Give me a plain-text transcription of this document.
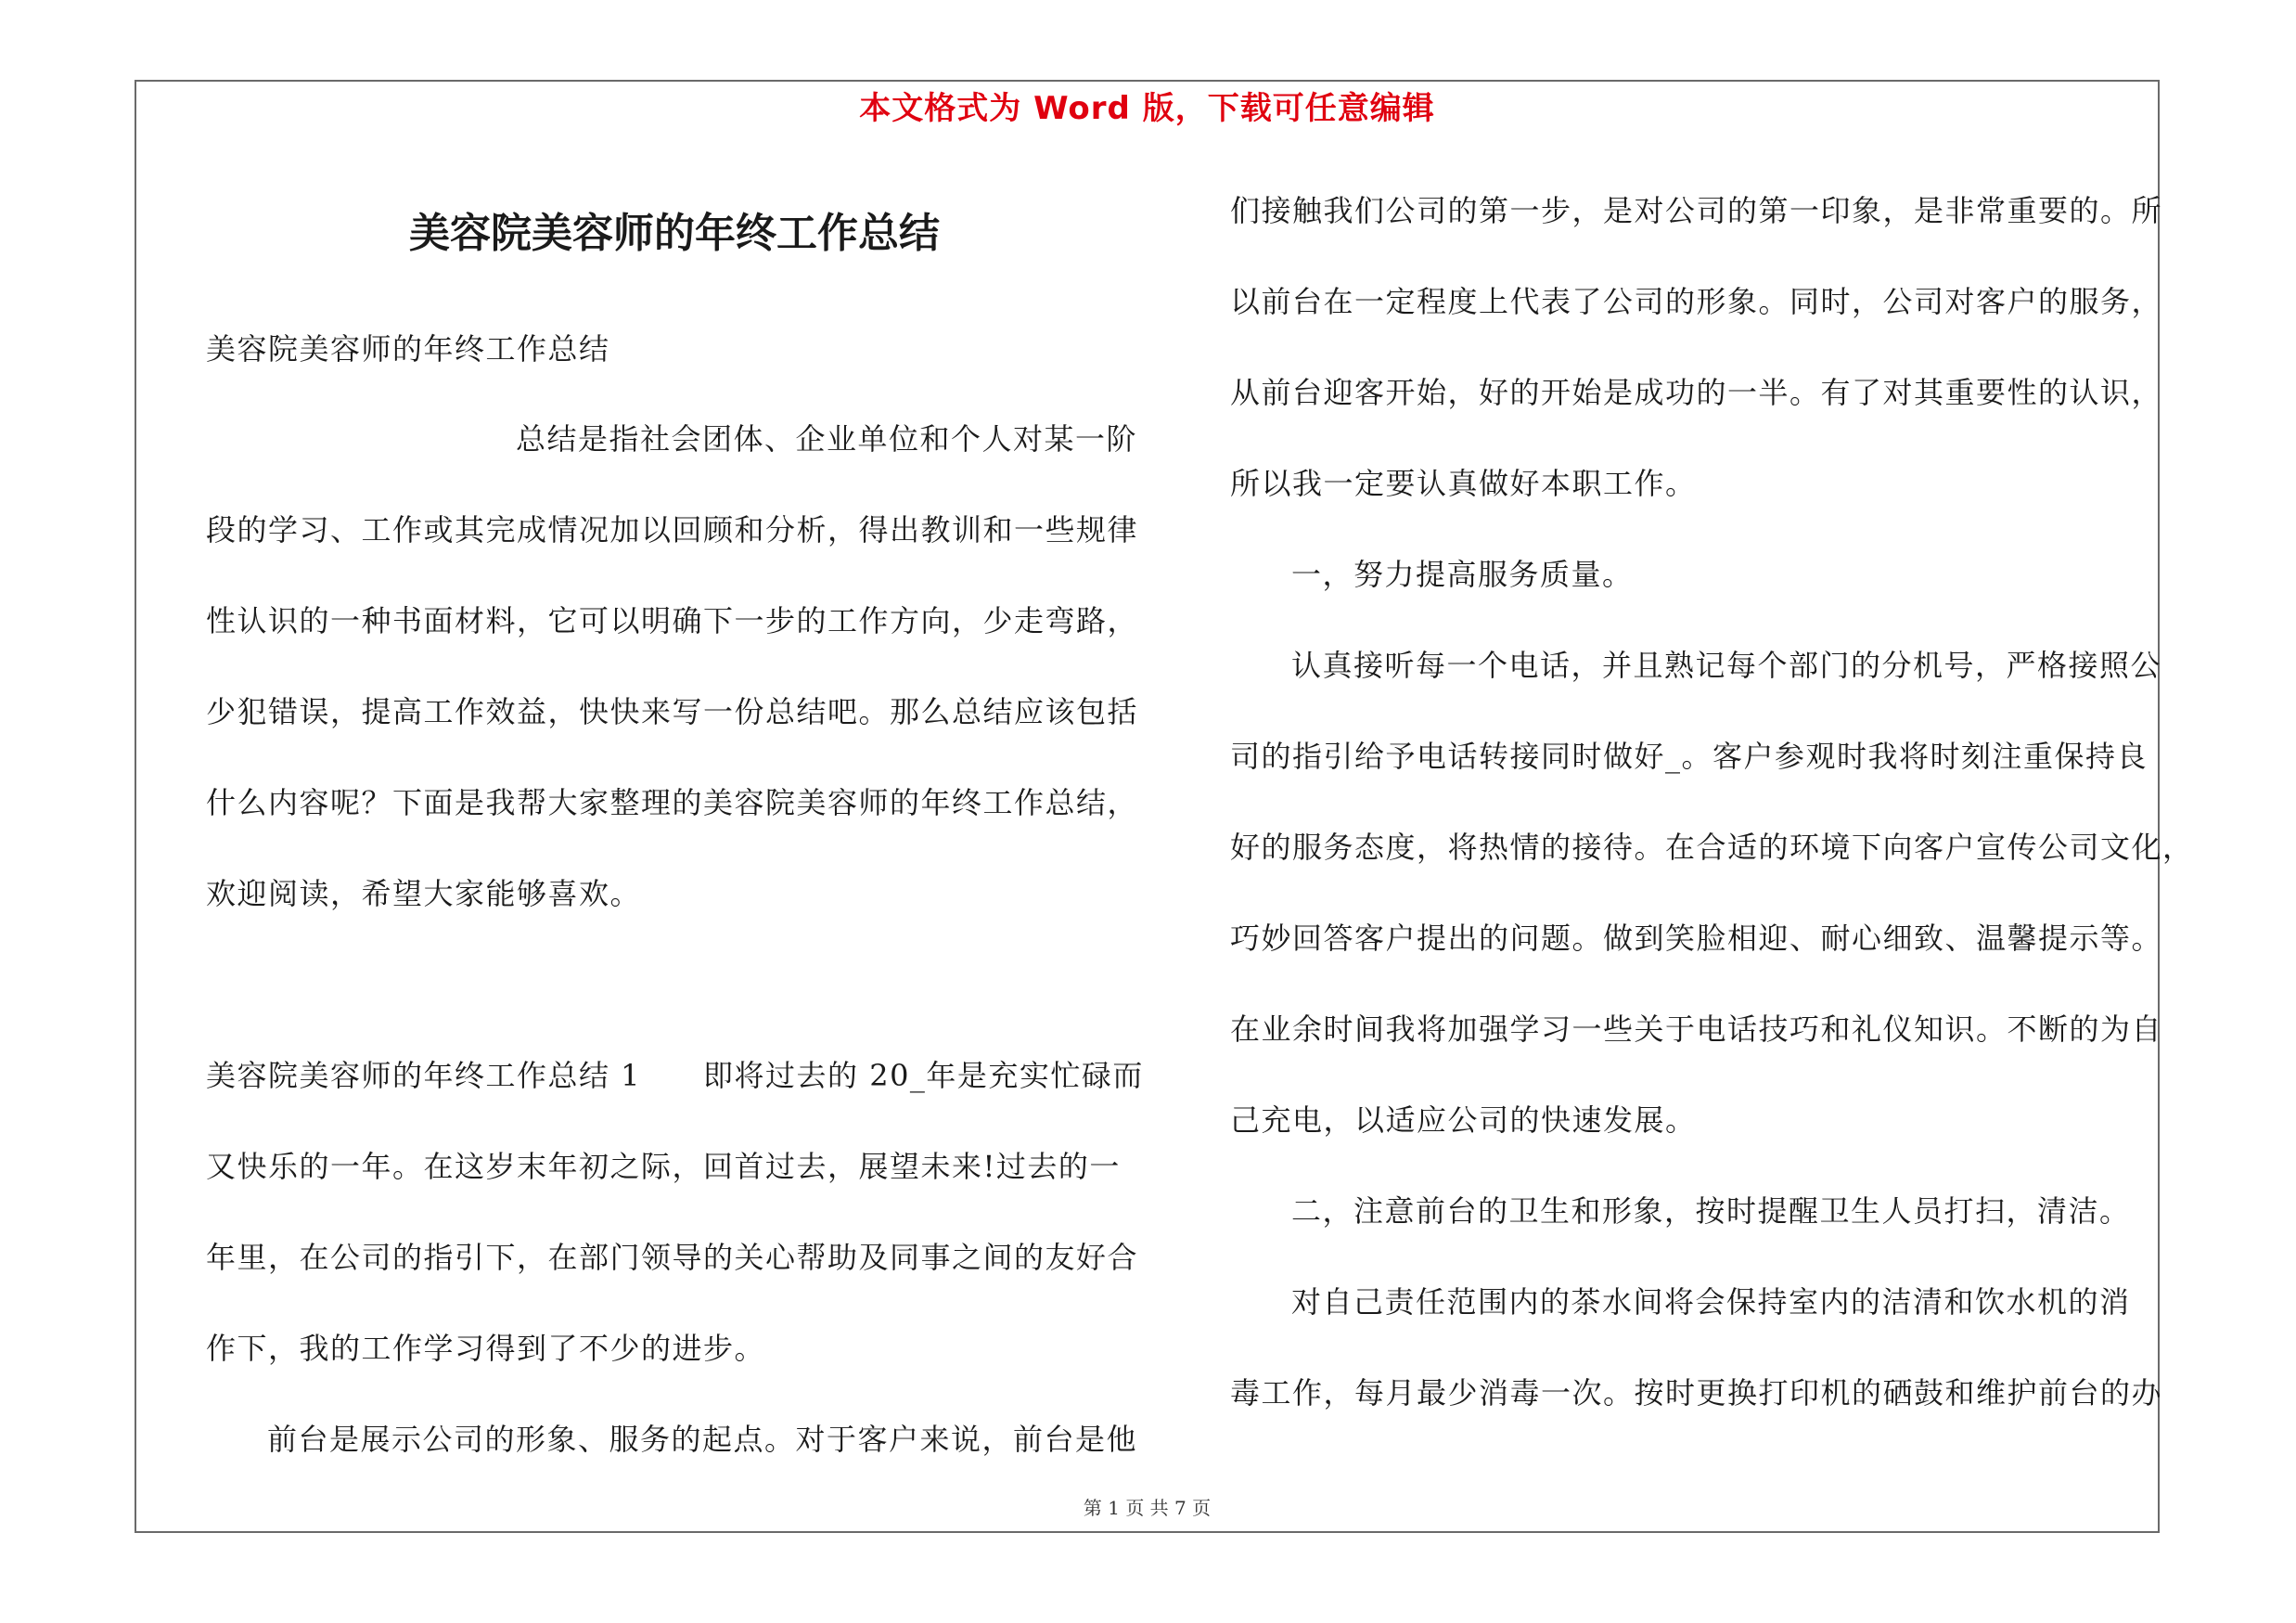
本文格式为 Word 版，下载可任意编辑
美容院美容师的年终工作总结

美容院美容师的年终工作总结

总结是指社会团体、企业单位和个人对某一阶
段的学习、工作或其完成情况加以回顾和分析，得出教训和一些规律
性认识的一种书面材料，它可以明确下一步的工作方向，少走弯路，
少犯错误，提高工作效益，快快来写一份总结吧。那么总结应该包括
什么内容呢？下面是我帮大家整理的美容院美容师的年终工作总结，
欢迎阅读，希望大家能够喜欢。
美容院美容师的年终工作总结 1　　即将过去的 20_年是充实忙碌而
又快乐的一年。在这岁末年初之际，回首过去，展望未来!过去的一
年里，在公司的指引下，在部门领导的关心帮助及同事之间的友好合
作下，我的工作学习得到了不少的进步。
前台是展示公司的形象、服务的起点。对于客户来说，前台是他
们接触我们公司的第一步，是对公司的第一印象，是非常重要的。所
以前台在一定程度上代表了公司的形象。同时，公司对客户的服务，
从前台迎客开始，好的开始是成功的一半。有了对其重要性的认识，
所以我一定要认真做好本职工作。
一，努力提高服务质量。
认真接听每一个电话，并且熟记每个部门的分机号，严格接照公
司的指引给予电话转接同时做好_。客户参观时我将时刻注重保持良
好的服务态度，将热情的接待。在合适的环境下向客户宣传公司文化，
巧妙回答客户提出的问题。做到笑脸相迎、耐心细致、温馨提示等。
在业余时间我将加强学习一些关于电话技巧和礼仪知识。不断的为自
己充电，以适应公司的快速发展。
二，注意前台的卫生和形象，按时提醒卫生人员打扫，清洁。
对自己责任范围内的茶水间将会保持室内的洁清和饮水机的消
毒工作，每月最少消毒一次。按时更换打印机的硒鼓和维护前台的办
第 1 页 共 7 页
